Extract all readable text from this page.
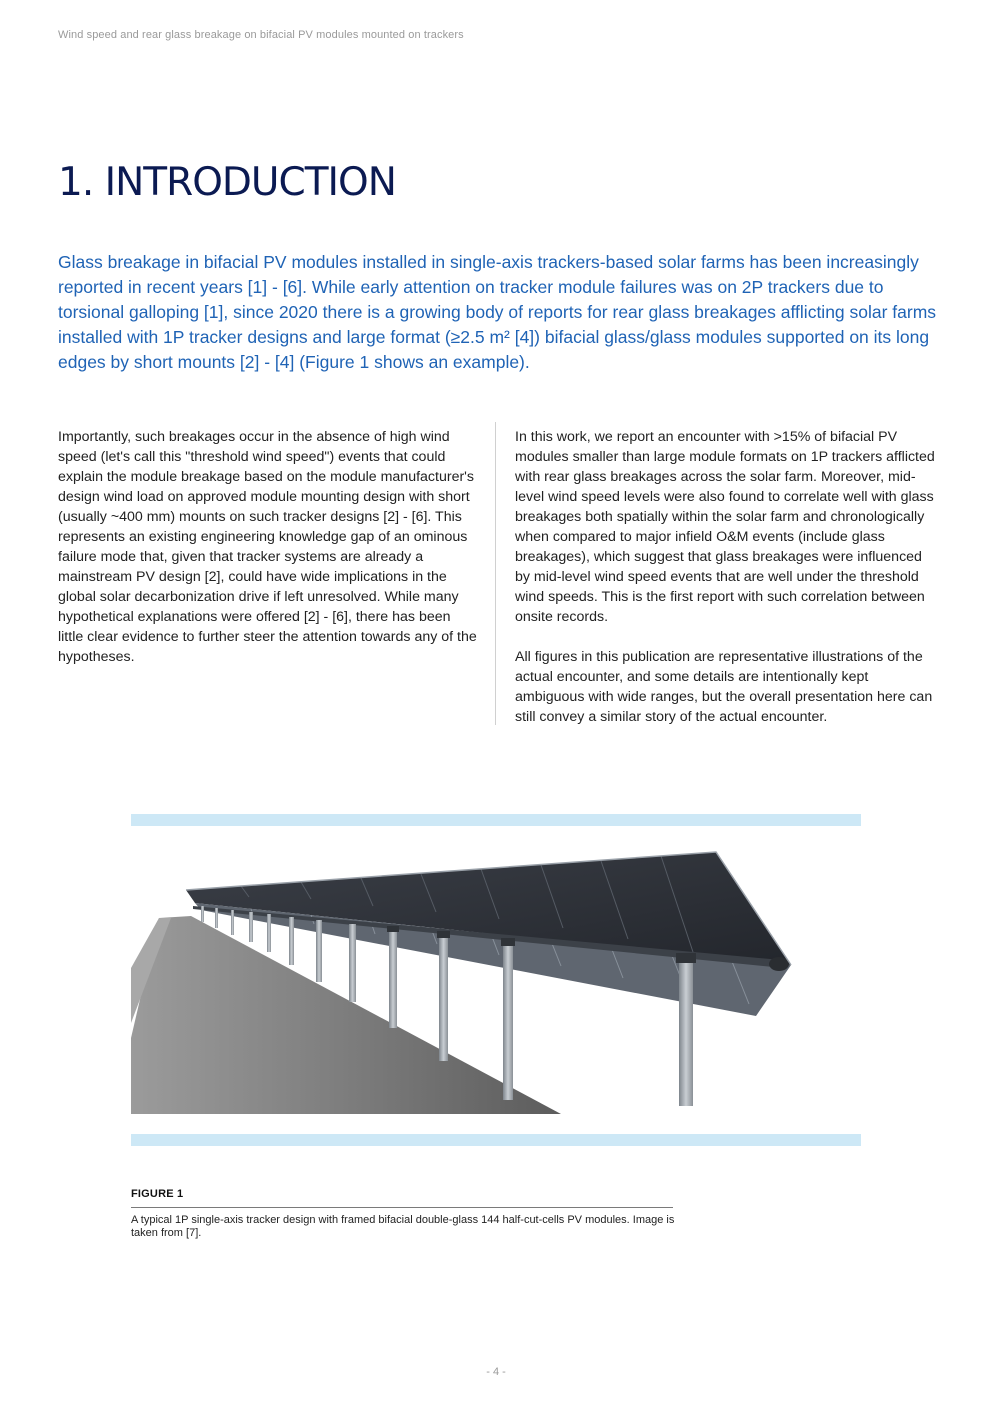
Wind speed and rear glass breakage on bifacial PV modules mounted on trackers
1. INTRODUCTION

Glass breakage in bifacial PV modules installed in single-axis trackers-based solar farms has been increasingly reported in recent years [1] - [6]. While early attention on tracker module failures was on 2P trackers due to torsional galloping [1], since 2020 there is a growing body of reports for rear glass breakages afflicting solar farms installed with 1P tracker designs and large format (≥2.5 m² [4]) bifacial glass/glass modules supported on its long edges by short mounts [2] - [4] (Figure 1 shows an example).

Importantly, such breakages occur in the absence of high wind speed (let's call this "threshold wind speed") events that could explain the module breakage based on the module manufacturer's design wind load on approved module mounting design with short (usually ~400 mm) mounts on such tracker designs [2] - [6]. This represents an existing engineering knowledge gap of an ominous failure mode that, given that tracker systems are already a mainstream PV design [2], could have wide implications in the global solar decarbonization drive if left unresolved. While many hypothetical explanations were offered [2] - [6], there has been little clear evidence to further steer the attention towards any of the hypotheses.

In this work, we report an encounter with >15% of bifacial PV modules smaller than large module formats on 1P trackers afflicted with rear glass breakages across the solar farm. Moreover, mid-level wind speed levels were also found to correlate well with glass breakages both spatially within the solar farm and chronologically when compared to major infield O&M events (include glass breakages), which suggest that glass breakages were influenced by mid-level wind speed events that are well under the threshold wind speeds. This is the first report with such correlation between onsite records.

All figures in this publication are representative illustrations of the actual encounter, and some details are intentionally kept ambiguous with wide ranges, but the overall presentation here can still convey a similar story of the actual encounter.

FIGURE 1

A typical 1P single-axis tracker design with framed bifacial double-glass 144 half-cut-cells PV modules. Image is taken from [7].

- 4 -
